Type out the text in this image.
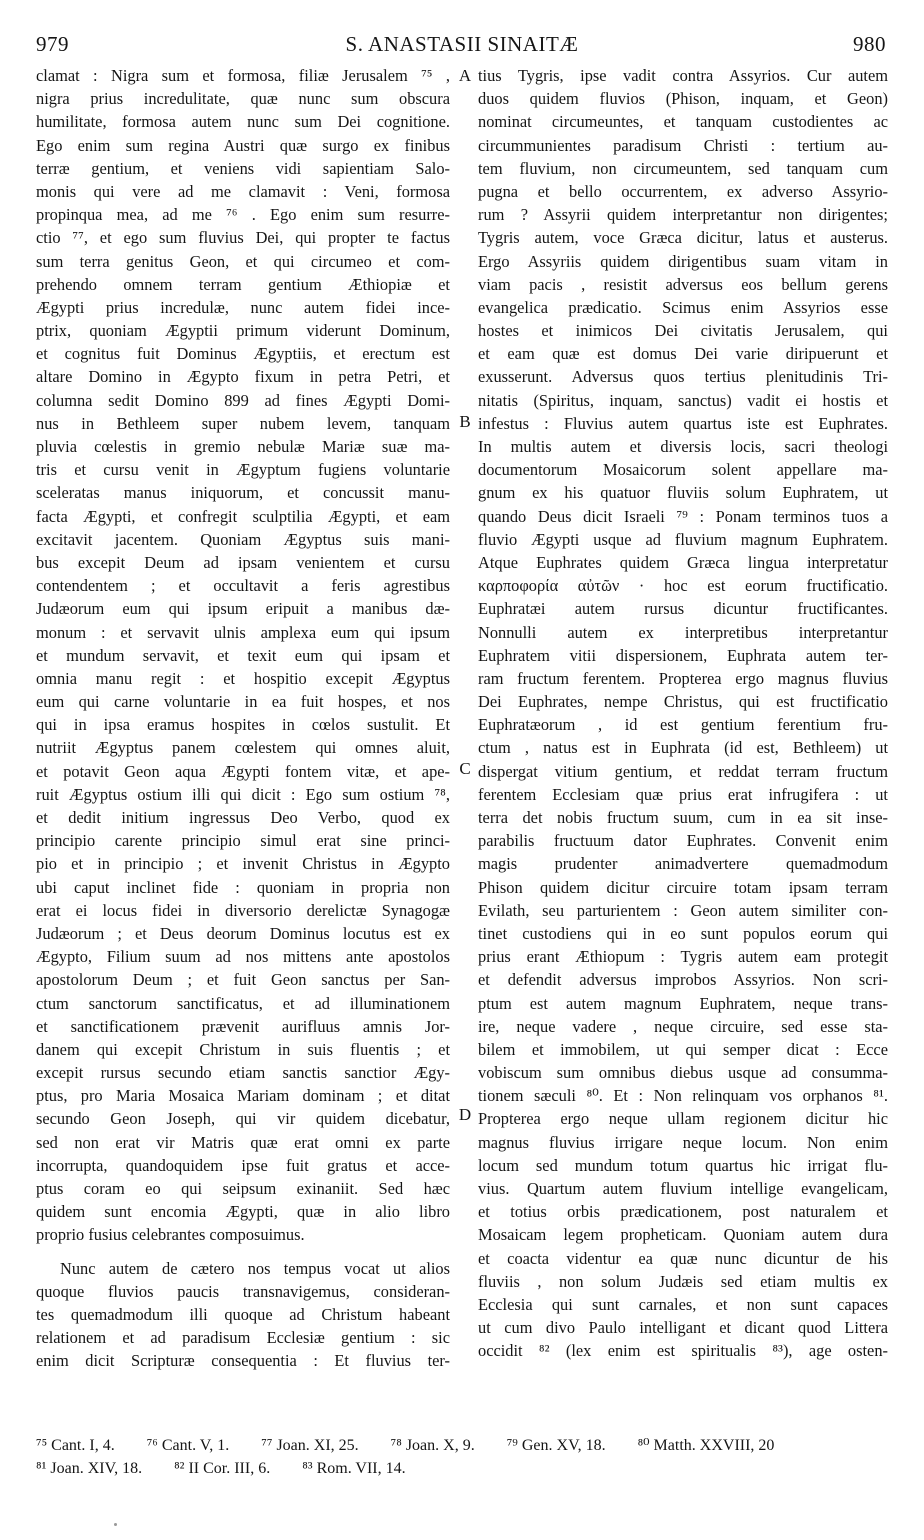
979	S. ANASTASII SINAITÆ	980
A
B
C
D
clamat : Nigra sum et formosa, filiæ Jerusalem ⁷⁵ ,
nigra prius incredulitate, quæ nunc sum obscura
humilitate, formosa autem nunc sum Dei cognitione.
Ego enim sum regina Austri quæ surgo ex finibus
terræ gentium, et veniens vidi sapientiam Salo-
monis qui vere ad me clamavit : Veni, formosa
propinqua mea, ad me ⁷⁶ . Ego enim sum resurre-
ctio ⁷⁷, et ego sum fluvius Dei, qui propter te factus
sum terra genitus Geon, et qui circumeo et com-
prehendo omnem terram gentium Æthiopiæ et
Ægypti prius incredulæ, nunc autem fidei ince-
ptrix, quoniam Ægyptii primum viderunt Dominum,
et cognitus fuit Dominus Ægyptiis, et erectum est
altare Domino in Ægypto fixum in petra Petri, et
columna sedit Domino 899 ad fines Ægypti Domi-
nus in Bethleem super nubem levem, tanquam
pluvia cœlestis in gremio nebulæ Mariæ suæ ma-
tris et cursu venit in Ægyptum fugiens voluntarie
sceleratas manus iniquorum, et concussit manu-
facta Ægypti, et confregit sculptilia Ægypti, et eam
excitavit jacentem. Quoniam Ægyptus suis mani-
bus excepit Deum ad ipsam venientem et cursu
contendentem ; et occultavit a feris agrestibus
Judæorum eum qui ipsum eripuit a manibus dæ-
monum : et servavit ulnis amplexa eum qui ipsum
et mundum servavit, et texit eum qui ipsam et
omnia manu regit : et hospitio excepit Ægyptus
eum qui carne voluntarie in ea fuit hospes, et nos
qui in ipsa eramus hospites in cœlos sustulit. Et
nutriit Ægyptus panem cœlestem qui omnes aluit,
et potavit Geon aqua Ægypti fontem vitæ, et ape-
ruit Ægyptus ostium illi qui dicit : Ego sum ostium ⁷⁸,
et dedit initium ingressus Deo Verbo, quod ex
principio carente principio simul erat sine princi-
pio et in principio ; et invenit Christus in Ægypto
ubi caput inclinet fide : quoniam in propria non
erat ei locus fidei in diversorio derelictæ Synagogæ
Judæorum ; et Deus deorum Dominus locutus est ex
Ægypto, Filium suum ad nos mittens ante apostolos
apostolorum Deum ; et fuit Geon sanctus per San-
ctum sanctorum sanctificatus, et ad illuminationem
et sanctificationem prævenit aurifluus amnis Jor-
danem qui excepit Christum in suis fluentis ; et
excepit rursus secundo etiam sanctis sanctior Ægy-
ptus, pro Maria Mosaica Mariam dominam ; et ditat
secundo Geon Joseph, qui vir quidem dicebatur,
sed non erat vir Matris quæ erat omni ex parte
incorrupta, quandoquidem ipse fuit gratus et acce-
ptus coram eo qui seipsum exinaniit. Sed hæc
quidem sunt encomia Ægypti, quæ in alio libro
proprio fusius celebrantes composuimus.
Nunc autem de cætero nos tempus vocat ut alios
quoque fluvios paucis transnavigemus, consideran-
tes quemadmodum illi quoque ad Christum habeant
relationem et ad paradisum Ecclesiæ gentium : sic
enim dicit Scripturæ consequentia : Et fluvius ter-
tius Tygris, ipse vadit contra Assyrios. Cur autem
duos quidem fluvios (Phison, inquam, et Geon)
nominat circumeuntes, et tanquam custodientes ac
circummunientes paradisum Christi : tertium au-
tem fluvium, non circumeuntem, sed tanquam cum
pugna et bello occurrentem, ex adverso Assyrio-
rum ? Assyrii quidem interpretantur non dirigentes;
Tygris autem, voce Græca dicitur, latus et austerus.
Ergo Assyriis quidem dirigentibus suam vitam in
viam pacis , resistit adversus eos bellum gerens
evangelica prædicatio. Scimus enim Assyrios esse
hostes et inimicos Dei civitatis Jerusalem, qui
et eam quæ est domus Dei varie diripuerunt et
exusserunt. Adversus quos tertius plenitudinis Tri-
nitatis (Spiritus, inquam, sanctus) vadit ei hostis et
infestus : Fluvius autem quartus iste est Euphrates.
In multis autem et diversis locis, sacri theologi
documentorum Mosaicorum solent appellare ma-
gnum ex his quatuor fluviis solum Euphratem, ut
quando Deus dicit Israeli ⁷⁹ : Ponam terminos tuos a
fluvio Ægypti usque ad fluvium magnum Euphratem.
Atque Euphrates quidem Græca lingua interpretatur
καρποφορία αὐτῶν · hoc est eorum fructificatio.
Euphratæi autem rursus dicuntur fructificantes.
Nonnulli autem ex interpretibus interpretantur
Euphratem vitii dispersionem, Euphrata autem ter-
ram fructum ferentem. Propterea ergo magnus fluvius
Dei Euphrates, nempe Christus, qui est fructificatio
Euphratæorum , id est gentium ferentium fru-
ctum , natus est in Euphrata (id est, Bethleem) ut
dispergat vitium gentium, et reddat terram fructum
ferentem Ecclesiam quæ prius erat infrugifera : ut
terra det nobis fructum suum, cum in ea sit inse-
parabilis fructuum dator Euphrates. Convenit enim
magis prudenter animadvertere quemadmodum
Phison quidem dicitur circuire totam ipsam terram
Evilath, seu parturientem : Geon autem similiter con-
tinet custodiens qui in eo sunt populos eorum qui
prius erant Æthiopum : Tygris autem eam protegit
et defendit adversus improbos Assyrios. Non scri-
ptum est autem magnum Euphratem, neque trans-
ire, neque vadere , neque circuire, sed esse sta-
bilem et immobilem, ut qui semper dicat : Ecce
vobiscum sum omnibus diebus usque ad consumma-
tionem sæculi ⁸⁰. Et : Non relinquam vos orphanos ⁸¹.
Propterea ergo neque ullam regionem dicitur hic
magnus fluvius irrigare neque locum. Non enim
locum sed mundum totum quartus hic irrigat flu-
vius. Quartum autem fluvium intellige evangelicam,
et totius orbis prædicationem, post naturalem et
Mosaicam legem propheticam. Quoniam autem dura
et coacta videntur ea quæ nunc dicuntur de his
fluviis , non solum Judæis sed etiam multis ex
Ecclesia qui sunt carnales, et non sunt capaces
ut cum divo Paulo intelligant et dicant quod Littera
occidit ⁸² (lex enim est spiritualis ⁸³), age osten-
⁷⁵ Cant. I, 4. ⁷⁶ Cant. V, 1. ⁷⁷ Joan. XI, 25. ⁷⁸ Joan. X, 9. ⁷⁹ Gen. XV, 18. ⁸⁰ Matth. XXVIII, 20
⁸¹ Joan. XIV, 18. ⁸² II Cor. III, 6. ⁸³ Rom. VII, 14.
